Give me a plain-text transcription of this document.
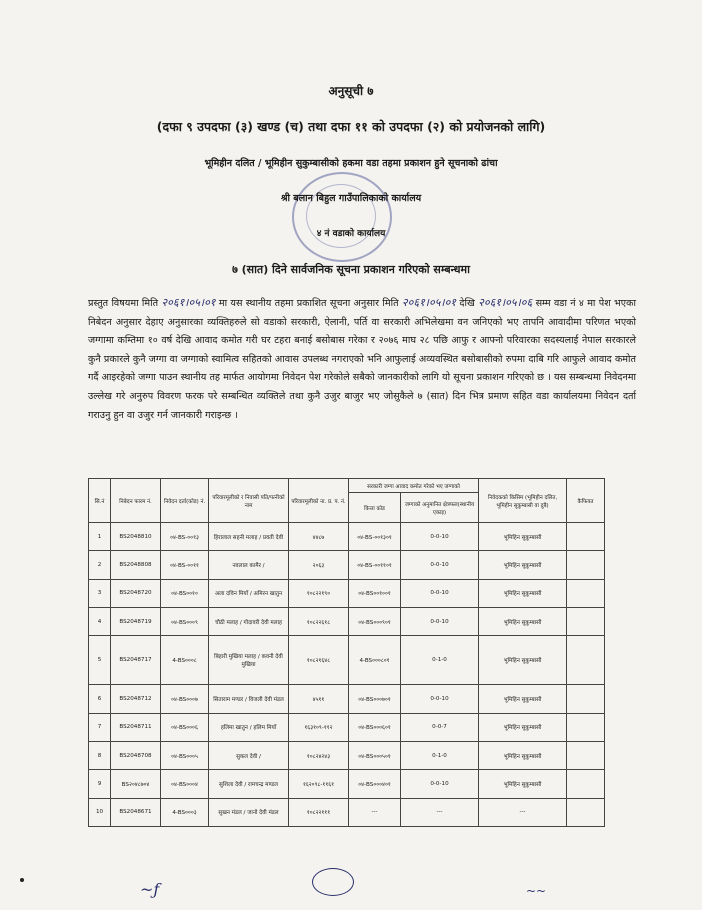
अनुसूची ७
(दफा ९ उपदफा (३) खण्ड (च) तथा दफा ११ को उपदफा (२) को प्रयोजनको लागि)
भूमिहीन दलित / भूमिहीन सुकुम्बासीको हकमा वडा तहमा प्रकाशन हुने सूचनाको ढांचा
श्री बलान बिहुल गाउँपालिकाको कार्यालय
४ नं वडाको कार्यालय
७ (सात) दिने सार्वजनिक सूचना प्रकाशन गरिएको सम्बन्धमा
प्रस्तुत विषयमा मिति २०६१।०५।०१ मा यस स्थानीय तहमा प्रकाशित सूचना अनुसार मिति २०६१।०५।०१ देखि २०६१।०५।०६ सम्म वडा नं ४ मा पेश भएका निबेदन अनुसार देहाए अनुसारका व्यक्तिहरुले सो वडाको सरकारी, ऐलानी, पर्ति वा सरकारी अभिलेखमा वन जनिएको भए तापनि आवादीमा परिणत भएको जग्गामा कम्तिमा १० वर्ष देखि आवाद कमोत गरी घर टहरा बनाई बसोबास गरेका र २०७६ माघ २८ पछि आफु र आफ्नो परिवारका सदस्यलाई नेपाल सरकारले कुनै प्रकारले कुनै जग्गा वा जग्गाको स्वामित्व सहितको आवास उपलब्ध नगराएको भनि आफुलाई अव्यवस्थित बसोबासीको रुपमा दाबि गरि आफुले आवाद कमोत गर्दै आइरहेको जग्गा पाउन स्थानीय तह मार्फत आयोगमा निवेदन पेश गरेकोले सबैको जानकारीको लागि यो सूचना प्रकाशन गरिएको छ । यस सम्बन्धमा निवेदनमा उल्लेख गरे अनुरुप विवरण फरक परे सम्बन्धित व्यक्तिले तथा कुनै उजुर बाजुर भए जोसुकैले ७ (सात) दिन भित्र प्रमाण सहित वडा कार्यालयमा निवेदन दर्ता गराउनु हुन वा उजुर गर्न जानकारी गराइन्छ ।
सि.नं	निबेदन फारम नं.	निवेदन दर्ता(कोड) नं.	परिवारमूलीको र निवासी पति/पत्नीको नाम	परिवारमूलीको ना. प्र. प. नं.	सरकारी जग्गा आवाद कमोत गरेको भए जग्गाको		निवेदकको किसिम (भूमिहीन दलित, भूमिहीन सुकुम्बासी वा दुबै)	कैफियत
					कित्ता कोड	जग्गाको अनुमानित क्षेत्रफल(स्थानीय एकाइ)		
1	BS2048810	०४-BS-००१३	हिरालाल सहनी मलाह / प्रवती देवी	४४८७	०४-BS-००१३०१	0-0-10	भूमिहिन सुकुम्बासी	
2	BS2048808	०४-BS-००११	नवलाल कामैर /	२०६३	०४-BS-००११०१	0-0-10	भूमिहिन सुकुम्बासी	
3	BS2048720	०४-BS००१०	अला दविन मियाँ / अमिरन खातुन	१०८२२१९०	०४-BS००१००१	0-0-10	भूमिहिन सुकुम्बासी	
4	BS2048719	०४-BS०००९	चौठी मलाह / गोदावरी देवी मलाह	१०८२२६१८	०४-BS०००९०१	0-0-10	भूमिहिन सुकुम्बासी	
5	BS2048717	4-BS०००८	बिहारी मुखिया मलाह / कवनी देवी मुखिया	१०८२१६४८	4-BS०००८०१	0-1-0	भूमिहिन सुकुम्बासी	
6	BS2048712	०४-BS०००७	सिताराम मण्डर / विजली देवी मंडल	४५११	०४-BS०००७०१	0-0-10	भूमिहिन सुकुम्बासी	
7	BS2048711	०४-BS०००६	हलिमा खातुन / हलिम मियाँ	१६३१०९-११२	०४-BS०००६०१	0-0-7	भूमिहिन सुकुम्बासी	
8	BS2048708	०४-BS०००५	सुकल देवी /	१०८२४२४३	०४-BS०००५०१	0-1-0	भूमिहिन सुकुम्बासी	
9	BS२०४८७०४	०४-BS०००४	सुशिला देवी / रामचन्द्र मण्डल	१६२०९८-११६१	०४-BS०००४०१	0-0-10	भूमिहिन सुकुम्बासी	
10	BS2048671	4-BS०००३	सुखन मंडल / जानो देवी मंडल	१०८२२१११	---	---	---	
~ƒ	~~
